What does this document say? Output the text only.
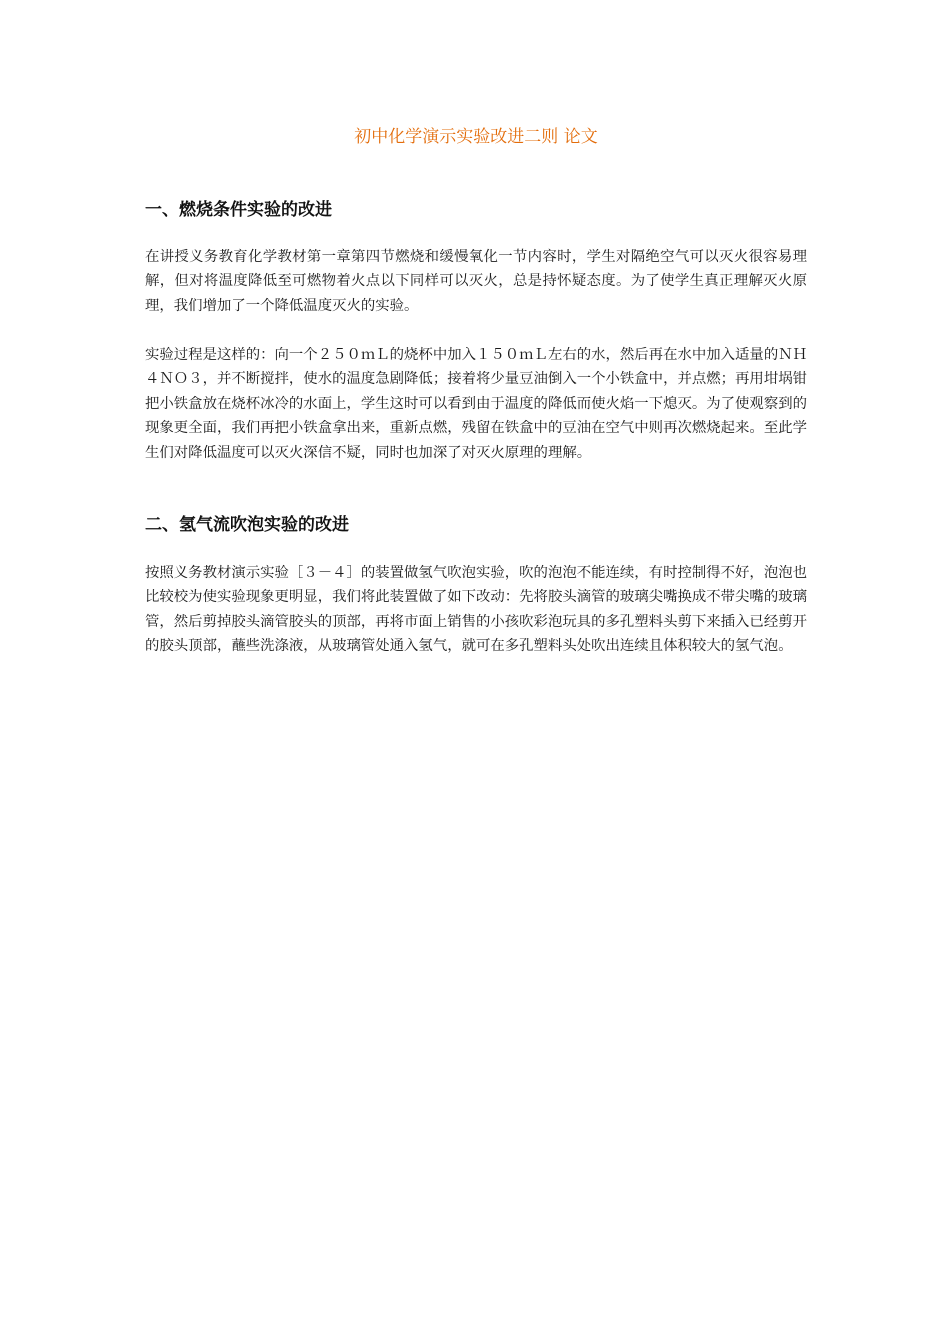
初中化学演示实验改进二则 论文
一、燃烧条件实验的改进

在讲授义务教育化学教材第一章第四节燃烧和缓慢氧化一节内容时，学生对隔绝空气可以灭火很容易理解，但对将温度降低至可燃物着火点以下同样可以灭火，总是持怀疑态度。为了使学生真正理解灭火原理，我们增加了一个降低温度灭火的实验。

实验过程是这样的：向一个２５０ｍＬ的烧杯中加入１５０ｍＬ左右的水，然后再在水中加入适量的ＮＨ４ＮＯ３，并不断搅拌，使水的温度急剧降低；接着将少量豆油倒入一个小铁盒中，并点燃；再用坩埚钳把小铁盒放在烧杯冰冷的水面上，学生这时可以看到由于温度的降低而使火焰一下熄灭。为了使观察到的现象更全面，我们再把小铁盒拿出来，重新点燃，残留在铁盒中的豆油在空气中则再次燃烧起来。至此学生们对降低温度可以灭火深信不疑，同时也加深了对灭火原理的理解。

二、氢气流吹泡实验的改进

按照义务教材演示实验［３－４］的装置做氢气吹泡实验，吹的泡泡不能连续，有时控制得不好，泡泡也比较校为使实验现象更明显，我们将此装置做了如下改动：先将胶头滴管的玻璃尖嘴换成不带尖嘴的玻璃管，然后剪掉胶头滴管胶头的顶部，再将市面上销售的小孩吹彩泡玩具的多孔塑料头剪下来插入已经剪开的胶头顶部，蘸些洗涤液，从玻璃管处通入氢气，就可在多孔塑料头处吹出连续且体积较大的氢气泡。
